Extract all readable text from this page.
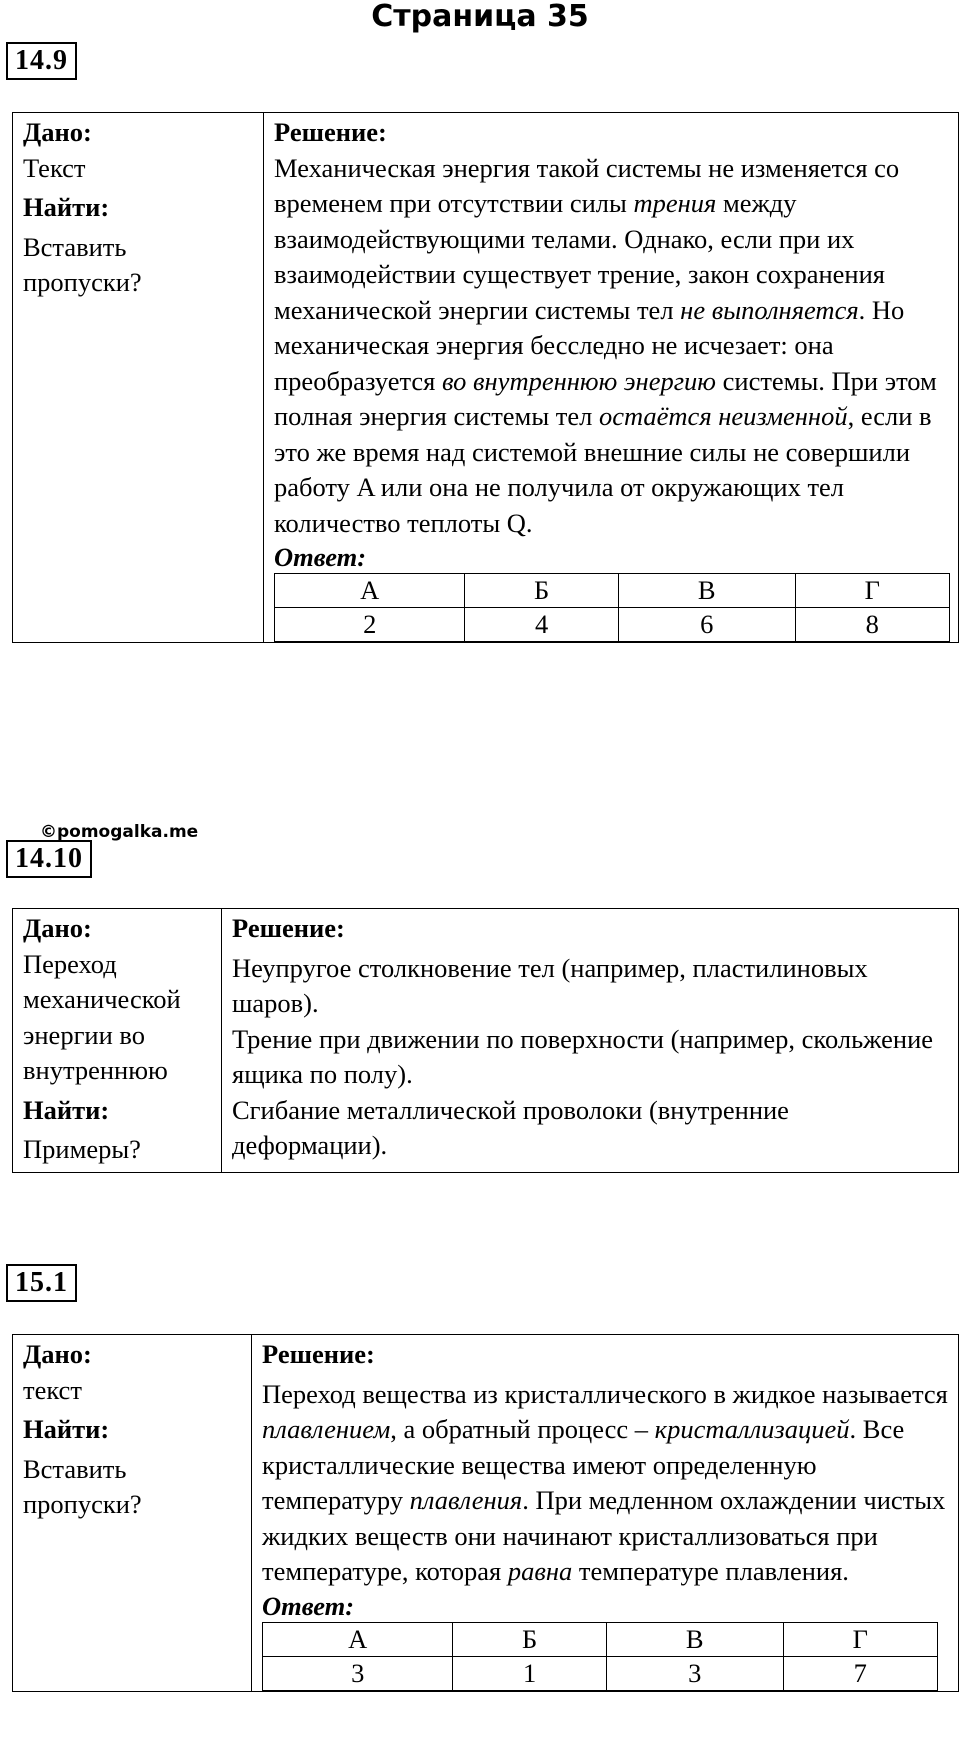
Страница 35
14.9
Дано:
Текст
Найти:
Вставить пропуски?

Решение:
Механическая энергия такой системы не изменяется со временем при отсутствии силы трения между взаимодействующими телами. Однако, если при их взаимодействии существует трение, закон сохранения механической энергии системы тел не выполняется. Но механическая энергия бесследно не исчезает: она преобразуется во внутреннюю энергию системы. При этом полная энергия системы тел остаётся неизменной, если в это же время над системой внешние силы не совершили работу A или она не получила от окружающих тел количество теплоты Q.
Ответ:
А	Б	В	Г
2	4	6	8
©pomogalka.me
14.10
Дано:
Переход механической энергии во внутреннюю
Найти:
Примеры?

Решение:
Неупругое столкновение тел (например, пластилиновых шаров).
Трение при движении по поверхности (например, скольжение ящика по полу).
Сгибание металлической проволоки (внутренние деформации).
15.1
Дано:
текст
Найти:
Вставить пропуски?

Решение:
Переход вещества из кристаллического в жидкое называется плавлением, а обратный процесс – кристаллизацией. Все кристаллические вещества имеют определенную температуру плавления. При медленном охлаждении чистых жидких веществ они начинают кристаллизоваться при температуре, которая равна температуре плавления.
Ответ:
А	Б	В	Г
3	1	3	7
